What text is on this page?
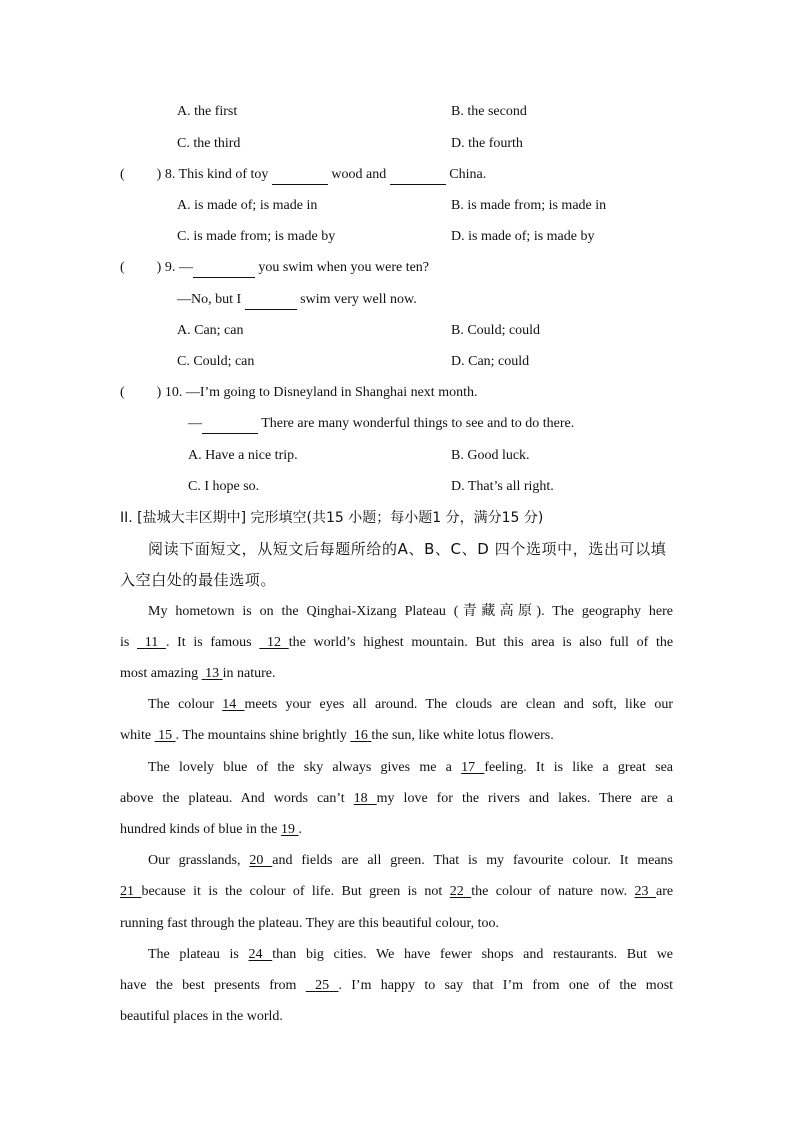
A. the first	B. the second
C. the third	D. the fourth
( ) 8. This kind of toy	wood and	China.
A. is made of; is made in	B. is made from; is made in
C. is made from; is made by	D. is made of; is made by
( ) 9. —	you swim when you were ten?
—No, but I	swim very well now.
A. Can; can	B. Could; could
C. Could; can	D. Can; could
( ) 10. —I’m going to Disneyland in Shanghai next month.
—	There are many wonderful things to see and to do there.
A. Have a nice trip.	B. Good luck.
C. I hope so.	D. That’s all right.
II. [盐城大丰区期中] 完形填空(共15 小题；每小题1 分，满分15 分)
阅读下面短文，从短文后每题所给的A、B、C、D 四个选项中，选出可以填
入空白处的最佳选项。
My hometown is on the Qinghai-Xizang Plateau (青藏高原). The geography here
is 11 . It is famous 12 the world’s highest mountain. But this area is also full of the
most amazing 13 in nature.
The colour 14 meets your eyes all around. The clouds are clean and soft, like our
white 15 . The mountains shine brightly 16 the sun, like white lotus flowers.
The lovely blue of the sky always gives me a 17 feeling. It is like a great sea
above the plateau. And words can’t 18 my love for the rivers and lakes. There are a
hundred kinds of blue in the 19 .
Our grasslands, 20 and fields are all green. That is my favourite colour. It means
21 because it is the colour of life. But green is not 22 the colour of nature now. 23 are
running fast through the plateau. They are this beautiful colour, too.
The plateau is 24 than big cities. We have fewer shops and restaurants. But we
have the best presents from 25 . I’m happy to say that I’m from one of the most
beautiful places in the world.
